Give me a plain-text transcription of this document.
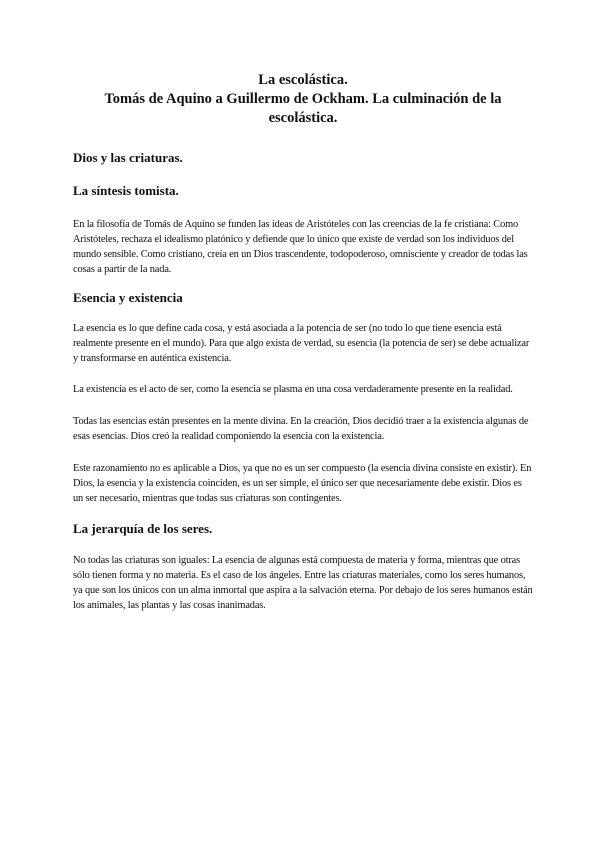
La escolástica.
Tomás de Aquino a Guillermo de Ockham. La culminación de la escolástica.
Dios y las criaturas.
La síntesis tomista.

En la filosofía de Tomás de Aquino se funden las ideas de Aristóteles con las creencias de la fe cristiana: Como Aristóteles, rechaza el idealismo platónico y defiende que lo único que existe de verdad son los individuos del mundo sensible. Como cristiano, creía en un Dios trascendente, todopoderoso, omnisciente y creador de todas las cosas a partir de la nada.

Esencia y existencia

La esencia es lo que define cada cosa, y está asociada a la potencia de ser (no todo lo que tiene esencia está realmente presente en el mundo). Para que algo exista de verdad, su esencia (la potencia de ser) se debe actualizar y transformarse en auténtica existencia.

La existencia es el acto de ser, como la esencia se plasma en una cosa verdaderamente presente en la realidad.

Todas las esencias están presentes en la mente divina. En la creación, Dios decidió traer a la existencia algunas de esas esencias. Dios creó la realidad componiendo la esencia con la existencia.

Este razonamiento no es aplicable a Dios, ya que no es un ser compuesto (la esencia divina consiste en existir). En Dios, la esencia y la existencia coinciden, es un ser simple, el único ser que necesariamente debe existir. Dios es un ser necesario, mientras que todas sus criaturas son contingentes.

La jerarquía de los seres.

No todas las criaturas son iguales: La esencia de algunas está compuesta de materia y forma, mientras que otras sólo tienen forma y no materia. Es el caso de los ángeles. Entre las criaturas materiales, como los seres humanos, ya que son los únicos con un alma inmortal que aspira a la salvación eterna. Por debajo de los seres humanos están los animales, las plantas y las cosas inanimadas.
